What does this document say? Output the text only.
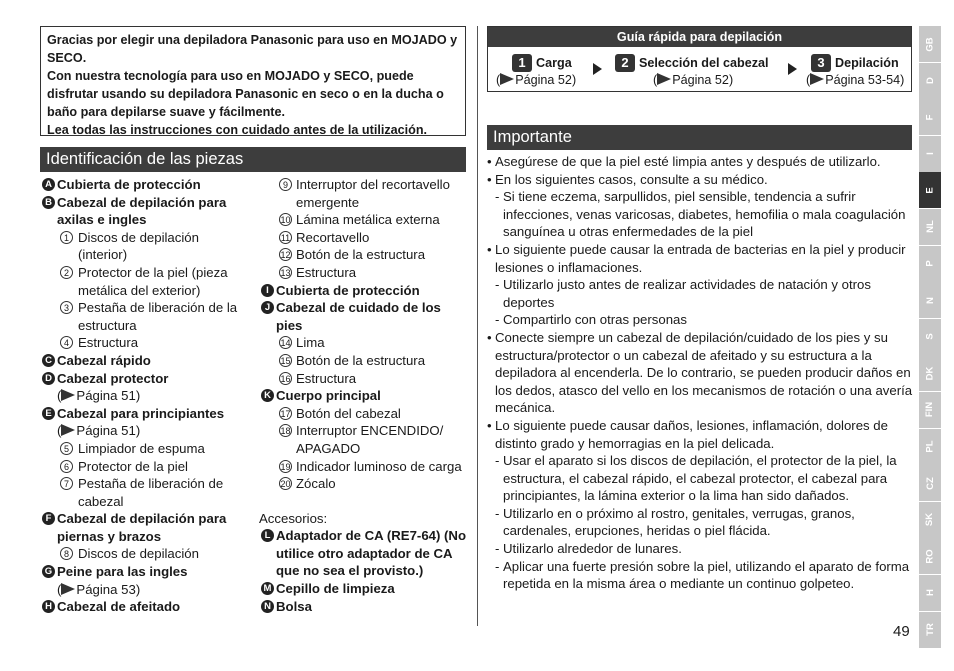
Gracias por elegir una depiladora Panasonic para uso en MOJADO y SECO.
Con nuestra tecnología para uso en MOJADO y SECO, puede disfrutar usando su depiladora Panasonic en seco o en la ducha o baño para depilarse suave y fácilmente.
Lea todas las instrucciones con cuidado antes de la utilización.
Identificación de las piezas
A Cubierta de protección
B Cabezal de depilación para axilas e ingles
1 Discos de depilación (interior)
2 Protector de la piel (pieza metálica del exterior)
3 Pestaña de liberación de la estructura
4 Estructura
C Cabezal rápido
D Cabezal protector
( Página 51)
E Cabezal para principiantes
( Página 51)
5 Limpiador de espuma
6 Protector de la piel
7 Pestaña de liberación de cabezal
F Cabezal de depilación para piernas y brazos
8 Discos de depilación
G Peine para las ingles
( Página 53)
H Cabezal de afeitado
9 Interruptor del recortavello emergente
10 Lámina metálica externa
11 Recortavello
12 Botón de la estructura
13 Estructura
I Cubierta de protección
J Cabezal de cuidado de los pies
14 Lima
15 Botón de la estructura
16 Estructura
K Cuerpo principal
17 Botón del cabezal
18 Interruptor ENCENDIDO/ APAGADO
19 Indicador luminoso de carga
20 Zócalo
Accesorios:
L Adaptador de CA (RE7-64) (No utilice otro adaptador de CA que no sea el provisto.)
M Cepillo de limpieza
N Bolsa
Guía rápida para depilación
1 Carga
( Página 52)
2 Selección del cabezal
( Página 52)
3 Depilación
( Página 53-54)
Importante
• Asegúrese de que la piel esté limpia antes y después de utilizarlo.
• En los siguientes casos, consulte a su médico.
- Si tiene eczema, sarpullidos, piel sensible, tendencia a sufrir infecciones, venas varicosas, diabetes, hemofilia o mala coagulación sanguínea u otras enfermedades de la piel
• Lo siguiente puede causar la entrada de bacterias en la piel y producir lesiones o inflamaciones.
- Utilizarlo justo antes de realizar actividades de natación y otros deportes
- Compartirlo con otras personas
• Conecte siempre un cabezal de depilación/cuidado de los pies y su estructura/protector o un cabezal de afeitado y su estructura a la depiladora al encenderla. De lo contrario, se pueden producir daños en los dedos, atasco del vello en los mecanismos de rotación o una avería mecánica.
• Lo siguiente puede causar daños, lesiones, inflamación, dolores de distinto grado y hemorragias en la piel delicada.
- Usar el aparato si los discos de depilación, el protector de la piel, la estructura, el cabezal rápido, el cabezal protector, el cabezal para principiantes, la lámina exterior o la lima han sido dañados.
- Utilizarlo en o próximo al rostro, genitales, verrugas, granos, cardenales, erupciones, heridas o piel flácida.
- Utilizarlo alrededor de lunares.
- Aplicar una fuerte presión sobre la piel, utilizando el aparato de forma repetida en la misma área o mediante un continuo golpeteo.
49
GB
D
F
I
E
NL
P
N
S
DK
FIN
PL
CZ
SK
RO
H
TR
